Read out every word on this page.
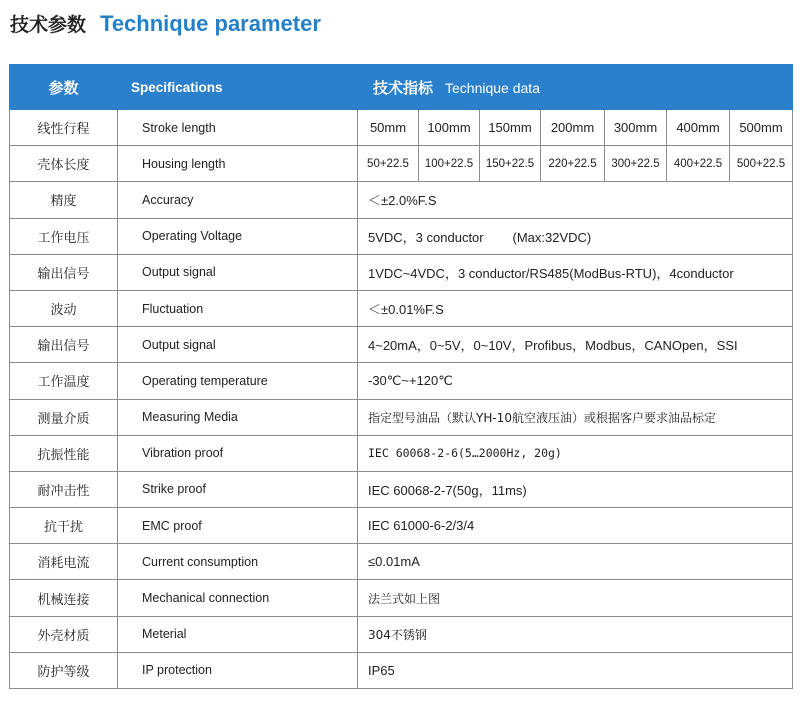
技术参数 Technique parameter
参数	Specifications	技术指标 Technique data						
线性行程	Stroke length	50mm	100mm	150mm	200mm	300mm	400mm	500mm
壳体长度	Housing length	50+22.5	100+22.5	150+22.5	220+22.5	300+22.5	400+22.5	500+22.5
精度	Accuracy	＜±2.0%F.S						
工作电压	Operating Voltage	5VDC，3 conductor        (Max:32VDC)						
输出信号	Output signal	1VDC~4VDC，3 conductor/RS485(ModBus-RTU)，4conductor						
波动	Fluctuation	＜±0.01%F.S						
输出信号	Output signal	4~20mA，0~5V，0~10V，Profibus，Modbus，CANOpen，SSI						
工作温度	Operating temperature	-30℃~+120℃						
测量介质	Measuring Media	指定型号油品（默认YH-10航空液压油）或根据客户要求油品标定						
抗振性能	Vibration proof	IEC 60068-2-6(5…2000Hz, 20g)						
耐冲击性	Strike proof	IEC 60068-2-7(50g，11ms)						
抗干扰	EMC proof	IEC 61000-6-2/3/4						
消耗电流	Current consumption	≤0.01mA						
机械连接	Mechanical connection	法兰式如上图						
外壳材质	Meterial	304不锈钢						
防护等级	IP protection	IP65						
